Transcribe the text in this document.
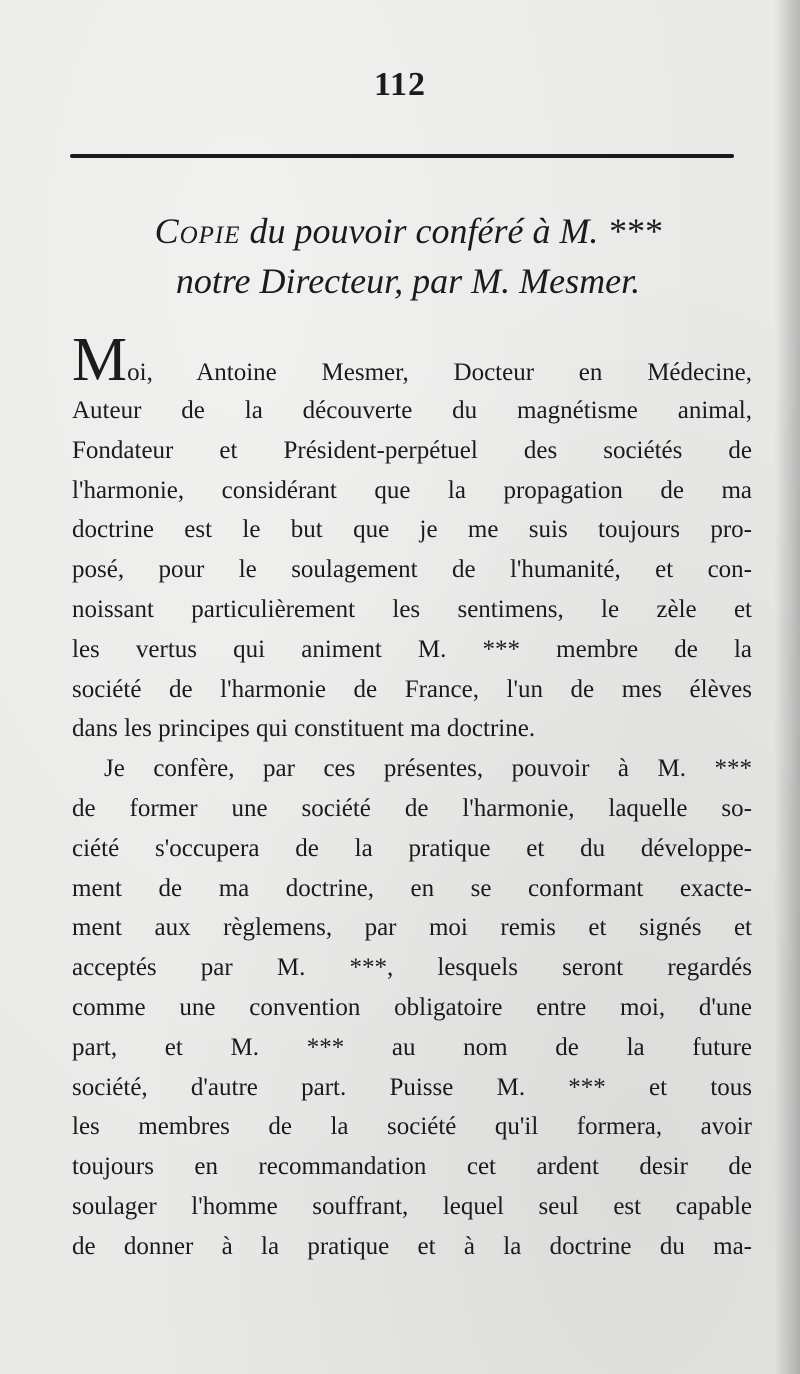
112
Copie du pouvoir conféré à M. ***
notre Directeur, par M. Mesmer.
Moi, Antoine Mesmer, Docteur en Médecine,
Auteur de la découverte du magnétisme animal,
Fondateur et Président-perpétuel des sociétés de
l'harmonie, considérant que la propagation de ma
doctrine est le but que je me suis toujours pro-
posé, pour le soulagement de l'humanité, et con-
noissant particulièrement les sentimens, le zèle et
les vertus qui animent M. *** membre de la
société de l'harmonie de France, l'un de mes élèves
dans les principes qui constituent ma doctrine.
Je confère, par ces présentes, pouvoir à M. ***
de former une société de l'harmonie, laquelle so-
ciété s'occupera de la pratique et du développe-
ment de ma doctrine, en se conformant exacte-
ment aux règlemens, par moi remis et signés et
acceptés par M. ***, lesquels seront regardés
comme une convention obligatoire entre moi, d'une
part, et M. *** au nom de la future
société, d'autre part. Puisse M. *** et tous
les membres de la société qu'il formera, avoir
toujours en recommandation cet ardent desir de
soulager l'homme souffrant, lequel seul est capable
de donner à la pratique et à la doctrine du ma-
